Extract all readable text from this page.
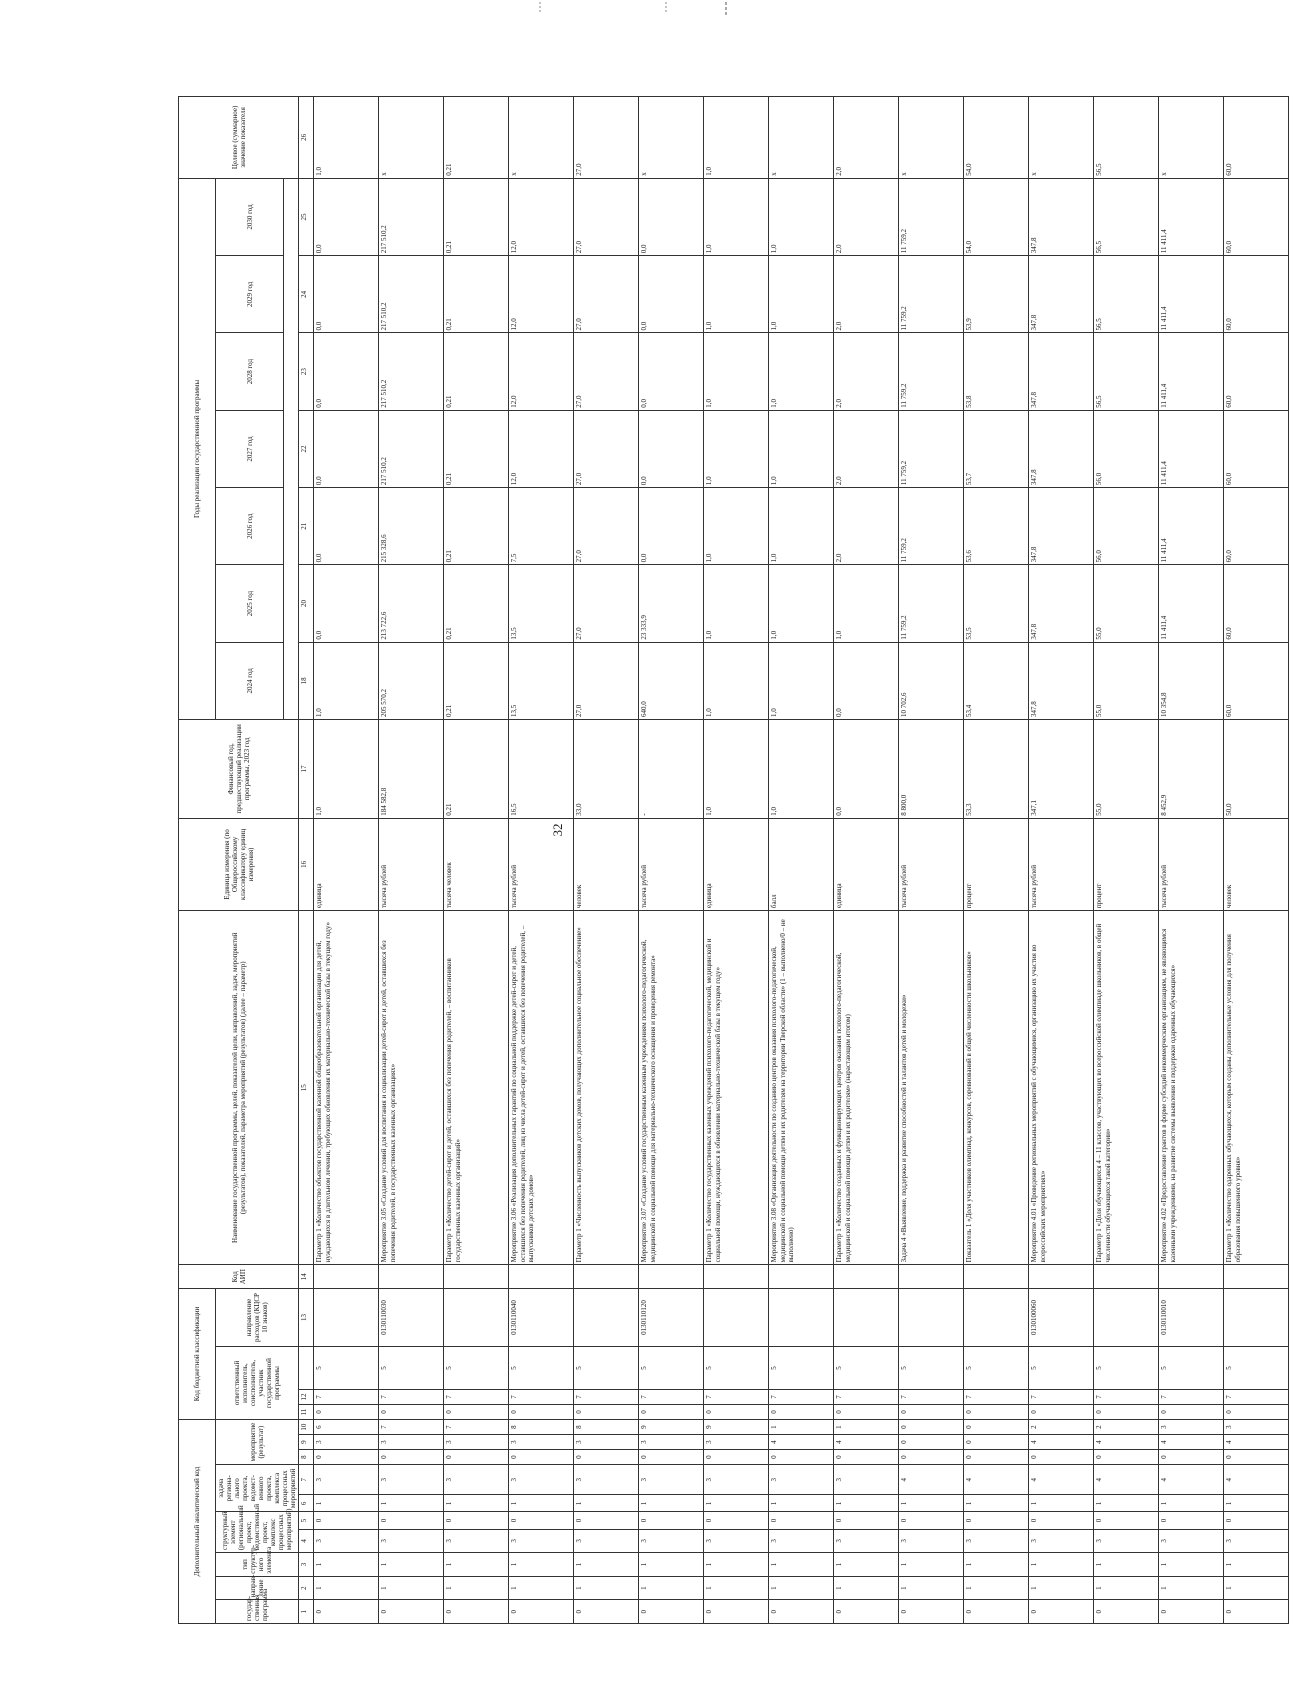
32
Дополнительный аналитический код										Код бюджетной классификации				Код АИП	Наименование государственной программы, целей, показателей цели, направлений, задач, мероприятий (результатов), показателей, параметра мероприятий (результатов) (далее – параметр)	Единица измерения (по Общероссийскому классификатору единиц измерения)	Финансовый год, предшествующий реализации программы, 2023 год	Годы реализации государственной программы							Целевое (суммарное) значение показателя
государ-ственная программа	направ-ление	тип структур-ного элемента	структурный элемент (региональный проект, ведомственный проект, комплекс процессных мероприятий)		задача региона-льного проекта, ведомст-венного проекта, комплекса процессных мероприятий		мероприятие (результат)			ответственный исполнитель, соисполнитель, участник государственной программы			направление расходов (КЦСР 10 знаков)					2024 год	2025 год	2026 год	2027 год	2028 год	2029 год	2030 год	

1	2	3	4	5	6	7	8	9	10	11	12		13	14	15	16	17	18	20	21	22	23	24	25	26
0	1	1	3	0	1	3	0	3	6	0	7	5			Параметр 1 «Количество объектов государственной казенной общеобразовательной организации для детей, нуждающихся в длительном лечении, требующих обновления их материально-технической базы в текущем году»	единица	1,0	1,0	0,0	0,0	0,0	0,0	0,0	0,0	1,0
0	1	1	3	0	1	3	0	3	7	0	7	5	0130110030		Мероприятие 3.05 «Создание условий для воспитания и социализации детей-сирот и детей, оставшихся без попечения родителей, в государственных казенных организациях»	тысяча рублей	184 582,8	205 570,2	213 722,6	215 328,6	217 510,2	217 510,2	217 510,2	217 510,2	x
0	1	1	3	0	1	3	0	3	7	0	7	5			Параметр 1 «Количество детей-сирот и детей, оставшихся без попечения родителей, – воспитанников государственных казенных организаций»	тысяча человек	0,21	0,21	0,21	0,21	0,21	0,21	0,21	0,21	0,21
0	1	1	3	0	1	3	0	3	8	0	7	5	0130110040		Мероприятие 3.06 «Реализация дополнительных гарантий по социальной поддержке детей-сирот и детей, оставшихся без попечения родителей, лиц из числа детей-сирот и детей, оставшихся без попечения родителей, – выпускников детских домов»	тысяча рублей	16,5	13,5	13,5	7,5	12,0	12,0	12,0	12,0	x
0	1	1	3	0	1	3	0	3	8	0	7	5			Параметр 1 «Численность выпускников детских домов, получающих дополнительное социальное обеспечение»	человек	33,0	27,0	27,0	27,0	27,0	27,0	27,0	27,0	27,0
0	1	1	3	0	1	3	0	3	9	0	7	5	0130110120		Мероприятие 3.07 «Создание условий государственным казенным учреждениям психолого-педагогической, медицинской и социальной помощи для материально-технического оснащения и проведения ремонта»	тысяча рублей	-	640,0	23 333,9	0,0	0,0	0,0	0,0	0,0	x
0	1	1	3	0	1	3	0	3	9	0	7	5			Параметр 1 «Количество государственных казенных учреждений психолого-педагогической, медицинской и социальной помощи, нуждающихся в обновлении материально-технической базы в текущем году»	единица	1,0	1,0	1,0	1,0	1,0	1,0	1,0	1,0	1,0
0	1	1	3	0	1	3	0	4	1	0	7	5			Мероприятие 3.08 «Организация деятельности по созданию центров оказания психолого-педагогической, медицинской и социальной помощи детям и их родителям на территории Тверской области» (1 – выполнено/0 – не выполнено)	балл	1,0	1,0	1,0	1,0	1,0	1,0	1,0	1,0	x
0	1	1	3	0	1	3	0	4	1	0	7	5			Параметр 1 «Количество созданных и функционирующих центров оказания психолого-педагогической, медицинской и социальной помощи детям и их родителям» (нарастающим итогом)	единица	0,0	0,0	1,0	2,0	2,0	2,0	2,0	2,0	2,0
0	1	1	3	0	1	4	0	0	0	0	7	5			Задача 4 «Выявление, поддержка и развитие способностей и талантов детей и молодежи»	тысяча рублей	8 800,0	10 702,6	11 759,2	11 759,2	11 759,2	11 759,2	11 759,2	11 759,2	x
0	1	1	3	0	1	4	0	0	0	0	7	5			Показатель 1 «Доля участников олимпиад, конкурсов, соревнований в общей численности школьников»	процент	53,3	53,4	53,5	53,6	53,7	53,8	53,9	54,0	54,0
0	1	1	3	0	1	4	0	4	2	0	7	5	0130100060		Мероприятие 4.01 «Проведение региональных мероприятий с обучающимися, организацию их участия во всероссийских мероприятиях»	тысяча рублей	347,1	347,8	347,8	347,8	347,8	347,8	347,8	347,8	x
0	1	1	3	0	1	4	0	4	2	0	7	5			Параметр 1 «Доля обучающихся 4 – 11 классов, участвующих во всероссийской олимпиаде школьников, в общей численности обучающихся такой категории»	процент	55,0	55,0	55,0	56,0	56,0	56,5	56,5	56,5	56,5
0	1	1	3	0	1	4	0	4	3	0	7	5	0130110010		Мероприятие 4.02 «Предоставление грантов в форме субсидий некоммерческим организациям, не являющимся казенными учреждениями, на развитие системы выявления и поддержки одаренных обучающихся»	тысяча рублей	8 452,9	10 354,8	11 411,4	11 411,4	11 411,4	11 411,4	11 411,4	11 411,4	x
0	1	1	3	0	1	4	0	4	3	0	7	5			Параметр 1 «Количество одаренных обучающихся, которым созданы дополнительные условия для получения образования повышенного уровня»	человек	50,0	60,0	60,0	60,0	60,0	60,0	60,0	60,0	60,0
